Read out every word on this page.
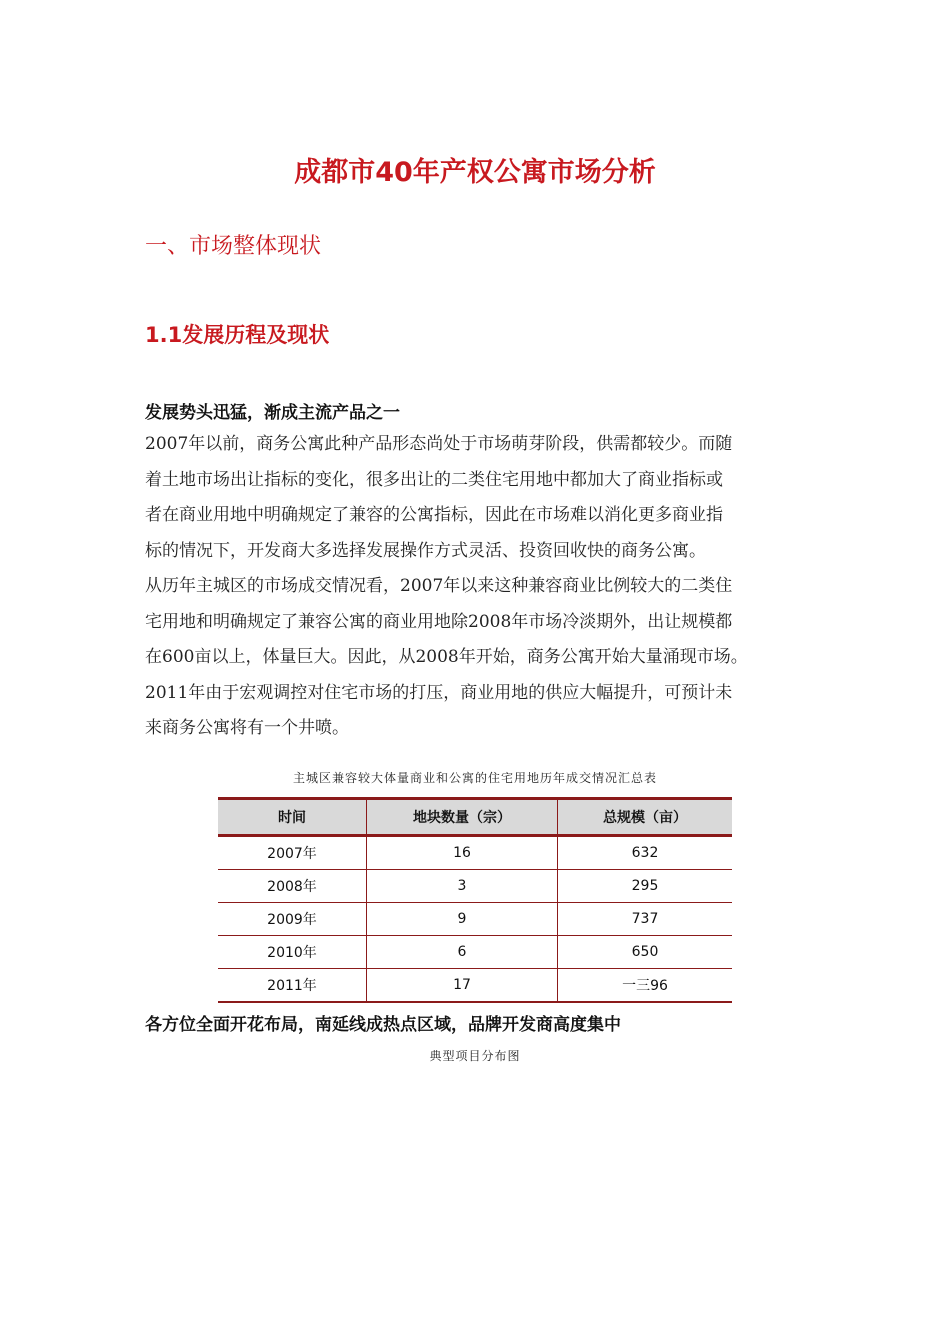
成都市40年产权公寓市场分析
一、市场整体现状
1.1发展历程及现状
发展势头迅猛，渐成主流产品之一

2007年以前，商务公寓此种产品形态尚处于市场萌芽阶段，供需都较少。而随

着土地市场出让指标的变化，很多出让的二类住宅用地中都加大了商业指标或

者在商业用地中明确规定了兼容的公寓指标，因此在市场难以消化更多商业指

标的情况下，开发商大多选择发展操作方式灵活、投资回收快的商务公寓。

从历年主城区的市场成交情况看，2007年以来这种兼容商业比例较大的二类住

宅用地和明确规定了兼容公寓的商业用地除2008年市场冷淡期外，出让规模都

在600亩以上，体量巨大。因此，从2008年开始，商务公寓开始大量涌现市场。

2011年由于宏观调控对住宅市场的打压，商业用地的供应大幅提升，可预计未

来商务公寓将有一个井喷。

主城区兼容较大体量商业和公寓的住宅用地历年成交情况汇总表
时间	地块数量（宗）	总规模（亩）
2007年	16	632
2008年	3	295
2009年	9	737
2010年	6	650
2011年	17	一三96
各方位全面开花布局，南延线成热点区域，品牌开发商高度集中
典型项目分布图
